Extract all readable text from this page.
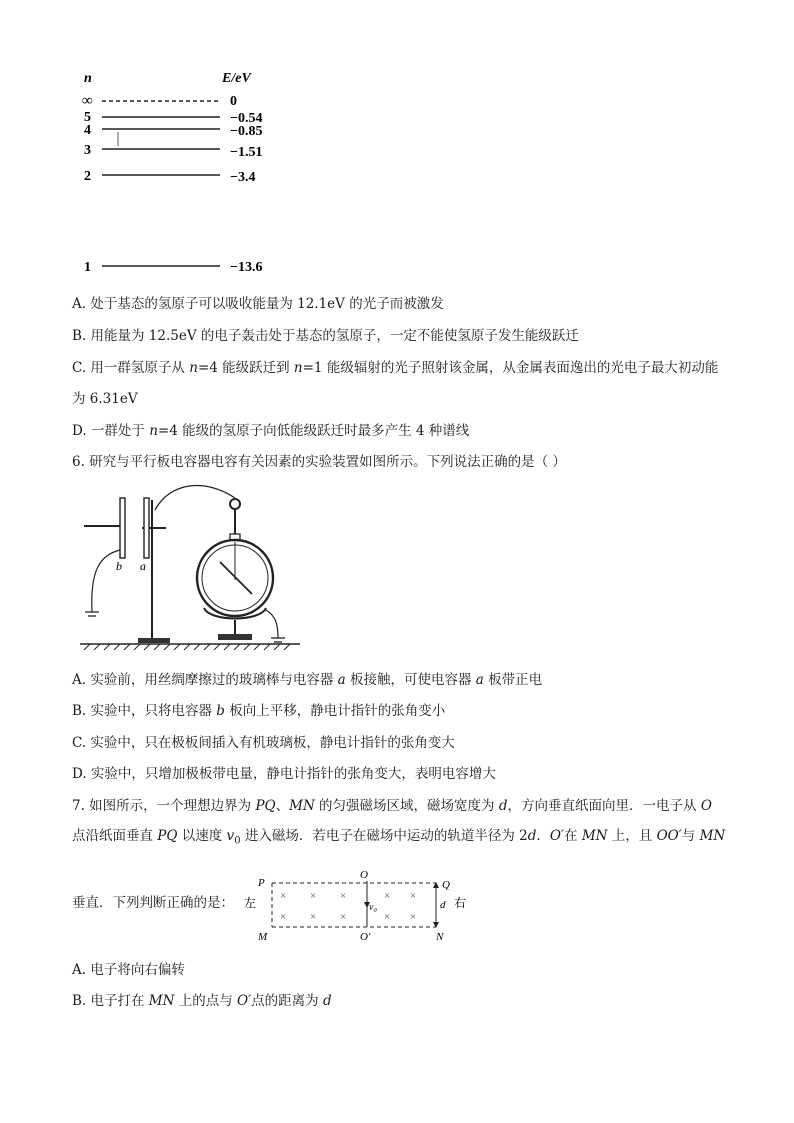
n	E/eV
∞	0
5	−0.54
4	−0.85
3	−1.51
2	−3.4
1	−13.6
A. 处于基态的氢原子可以吸收能量为 12.1eV 的光子而被激发
B. 用能量为 12.5eV 的电子轰击处于基态的氢原子，一定不能使氢原子发生能级跃迁
C. 用一群氢原子从 n=4 能级跃迁到 n=1 能级辐射的光子照射该金属，从金属表面逸出的光电子最大初动能
为 6.31eV
D. 一群处于 n=4 能级的氢原子向低能级跃迁时最多产生 4 种谱线
6. 研究与平行板电容器电容有关因素的实验装置如图所示。下列说法正确的是（ ）
b a
A. 实验前，用丝绸摩擦过的玻璃棒与电容器 a 板接触，可使电容器 a 板带正电
B. 实验中，只将电容器 b 板向上平移，静电计指针的张角变小
C. 实验中，只在极板间插入有机玻璃板，静电计指针的张角变大
D. 实验中，只增加极板带电量，静电计指针的张角变大，表明电容增大
7. 如图所示，一个理想边界为 PQ、MN 的匀强磁场区域，磁场宽度为 d，方向垂直纸面向里．一电子从 O
点沿纸面垂直 PQ 以速度 $v_0$ 进入磁场．若电子在磁场中运动的轨道半径为 2d．O′在 MN 上，且 OO′与 MN
垂直．下列判断正确的是：
P	Q
M	N
O
O′
左	右
v₀	d
× × ×	× ×
× × ×	× ×
A. 电子将向右偏转
B. 电子打在 MN 上的点与 O′点的距离为 d
